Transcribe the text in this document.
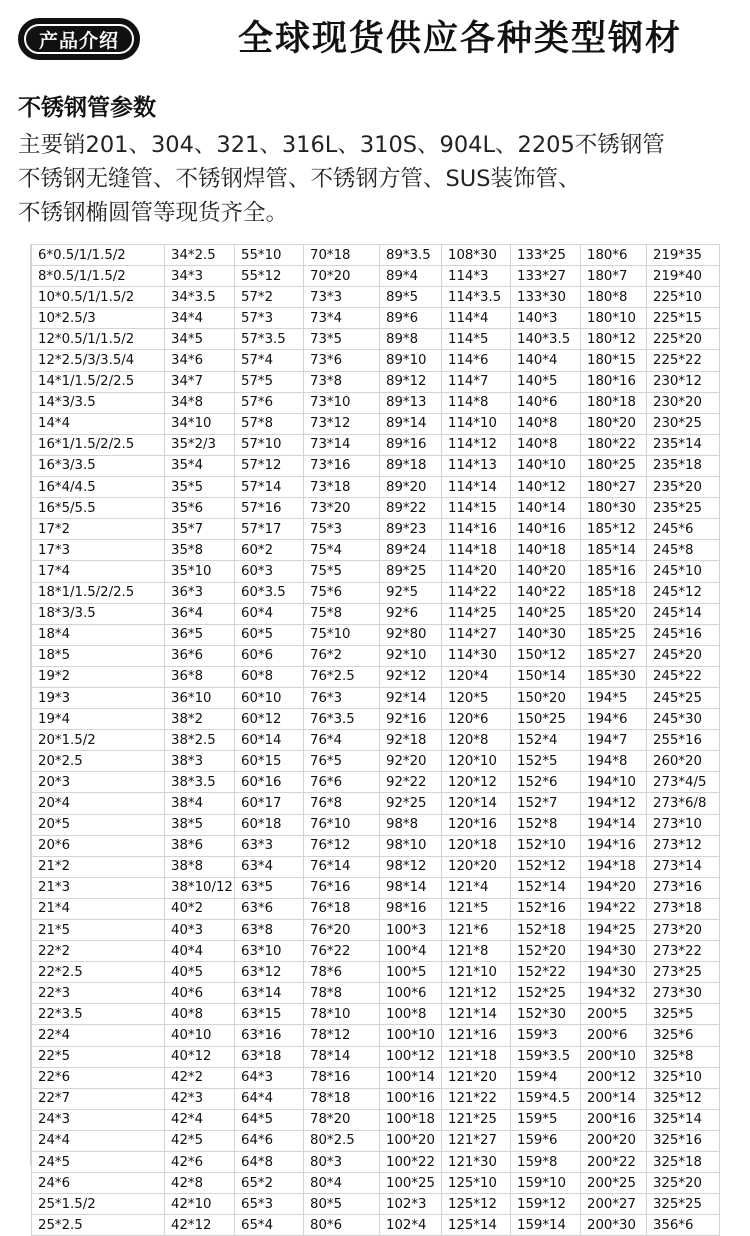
产品介绍	全球现货供应各种类型钢材
不锈钢管参数

主要销201、304、321、316L、310S、904L、2205不锈钢管

不锈钢无缝管、不锈钢焊管、不锈钢方管、SUS装饰管、

不锈钢椭圆管等现货齐全。

6*0.5/1/1.5/2	34*2.5	55*10	70*18	89*3.5	108*30	133*25	180*6	219*35
8*0.5/1/1.5/2	34*3	55*12	70*20	89*4	114*3	133*27	180*7	219*40
10*0.5/1/1.5/2	34*3.5	57*2	73*3	89*5	114*3.5	133*30	180*8	225*10
10*2.5/3	34*4	57*3	73*4	89*6	114*4	140*3	180*10	225*15
12*0.5/1/1.5/2	34*5	57*3.5	73*5	89*8	114*5	140*3.5	180*12	225*20
12*2.5/3/3.5/4	34*6	57*4	73*6	89*10	114*6	140*4	180*15	225*22
14*1/1.5/2/2.5	34*7	57*5	73*8	89*12	114*7	140*5	180*16	230*12
14*3/3.5	34*8	57*6	73*10	89*13	114*8	140*6	180*18	230*20
14*4	34*10	57*8	73*12	89*14	114*10	140*8	180*20	230*25
16*1/1.5/2/2.5	35*2/3	57*10	73*14	89*16	114*12	140*8	180*22	235*14
16*3/3.5	35*4	57*12	73*16	89*18	114*13	140*10	180*25	235*18
16*4/4.5	35*5	57*14	73*18	89*20	114*14	140*12	180*27	235*20
16*5/5.5	35*6	57*16	73*20	89*22	114*15	140*14	180*30	235*25
17*2	35*7	57*17	75*3	89*23	114*16	140*16	185*12	245*6
17*3	35*8	60*2	75*4	89*24	114*18	140*18	185*14	245*8
17*4	35*10	60*3	75*5	89*25	114*20	140*20	185*16	245*10
18*1/1.5/2/2.5	36*3	60*3.5	75*6	92*5	114*22	140*22	185*18	245*12
18*3/3.5	36*4	60*4	75*8	92*6	114*25	140*25	185*20	245*14
18*4	36*5	60*5	75*10	92*80	114*27	140*30	185*25	245*16
18*5	36*6	60*6	76*2	92*10	114*30	150*12	185*27	245*20
19*2	36*8	60*8	76*2.5	92*12	120*4	150*14	185*30	245*22
19*3	36*10	60*10	76*3	92*14	120*5	150*20	194*5	245*25
19*4	38*2	60*12	76*3.5	92*16	120*6	150*25	194*6	245*30
20*1.5/2	38*2.5	60*14	76*4	92*18	120*8	152*4	194*7	255*16
20*2.5	38*3	60*15	76*5	92*20	120*10	152*5	194*8	260*20
20*3	38*3.5	60*16	76*6	92*22	120*12	152*6	194*10	273*4/5
20*4	38*4	60*17	76*8	92*25	120*14	152*7	194*12	273*6/8
20*5	38*5	60*18	76*10	98*8	120*16	152*8	194*14	273*10
20*6	38*6	63*3	76*12	98*10	120*18	152*10	194*16	273*12
21*2	38*8	63*4	76*14	98*12	120*20	152*12	194*18	273*14
21*3	38*10/12	63*5	76*16	98*14	121*4	152*14	194*20	273*16
21*4	40*2	63*6	76*18	98*16	121*5	152*16	194*22	273*18
21*5	40*3	63*8	76*20	100*3	121*6	152*18	194*25	273*20
22*2	40*4	63*10	76*22	100*4	121*8	152*20	194*30	273*22
22*2.5	40*5	63*12	78*6	100*5	121*10	152*22	194*30	273*25
22*3	40*6	63*14	78*8	100*6	121*12	152*25	194*32	273*30
22*3.5	40*8	63*15	78*10	100*8	121*14	152*30	200*5	325*5
22*4	40*10	63*16	78*12	100*10	121*16	159*3	200*6	325*6
22*5	40*12	63*18	78*14	100*12	121*18	159*3.5	200*10	325*8
22*6	42*2	64*3	78*16	100*14	121*20	159*4	200*12	325*10
22*7	42*3	64*4	78*18	100*16	121*22	159*4.5	200*14	325*12
24*3	42*4	64*5	78*20	100*18	121*25	159*5	200*16	325*14
24*4	42*5	64*6	80*2.5	100*20	121*27	159*6	200*20	325*16
24*5	42*6	64*8	80*3	100*22	121*30	159*8	200*22	325*18
24*6	42*8	65*2	80*4	100*25	125*10	159*10	200*25	325*20
25*1.5/2	42*10	65*3	80*5	102*3	125*12	159*12	200*27	325*25
25*2.5	42*12	65*4	80*6	102*4	125*14	159*14	200*30	356*6
